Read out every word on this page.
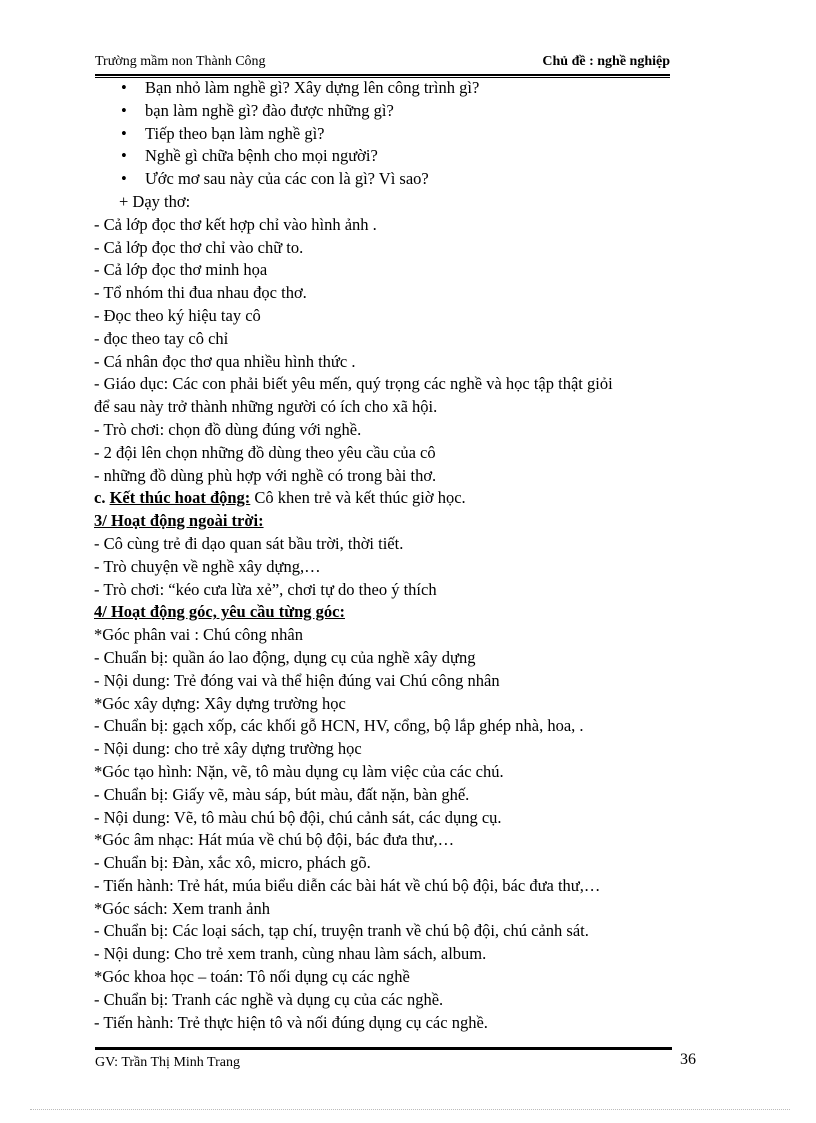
Trường mầm non Thành Công	Chủ đề : nghề nghiệp
• Bạn nhỏ làm nghề gì? Xây dựng lên công trình gì?
• bạn làm nghề gì? đào được những gì?
• Tiếp theo bạn làm nghề gì?
• Nghề gì chữa bệnh cho mọi người?
• Ước mơ sau này của các con là gì? Vì sao?
+ Dạy thơ:
- Cả lớp đọc thơ kết hợp chỉ vào hình ảnh .
- Cả lớp đọc thơ chỉ vào chữ to.
- Cả lớp đọc thơ minh họa
- Tổ nhóm thi đua nhau đọc thơ.
- Đọc theo ký hiệu tay cô
- đọc theo tay cô chỉ
- Cá nhân đọc thơ qua nhiều hình thức .
- Giáo dục: Các con phải biết yêu mến, quý trọng các nghề và học tập thật giỏi
để sau này trở thành những người có ích cho xã hội.
- Trò chơi: chọn đồ dùng đúng với nghề.
- 2 đội lên chọn những đồ dùng theo yêu cầu của cô
- những đồ dùng phù hợp với nghề có trong bài thơ.
c. Kết thúc hoat động: Cô khen trẻ và kết thúc giờ học.
3/ Hoạt động ngoài trời:
- Cô cùng trẻ đi dạo quan sát bầu trời, thời tiết.
- Trò chuyện về nghề xây dựng,…
- Trò chơi: “kéo cưa lừa xẻ”, chơi tự do theo ý thích
4/ Hoạt động góc, yêu cầu từng góc:
*Góc phân vai : Chú công nhân
- Chuẩn bị: quần áo lao động, dụng cụ của nghề xây dựng
- Nội dung: Trẻ đóng vai và thể hiện đúng vai Chú công nhân
*Góc xây dựng: Xây dựng trường học
- Chuẩn bị: gạch xốp, các khối gỗ HCN, HV, cổng, bộ lắp ghép nhà, hoa, .
- Nội dung: cho trẻ xây dựng trường học
*Góc tạo hình: Nặn, vẽ, tô màu dụng cụ làm việc của các chú.
- Chuẩn bị: Giấy vẽ, màu sáp, bút màu, đất nặn, bàn ghế.
- Nội dung: Vẽ, tô màu chú bộ đội, chú cảnh sát, các dụng cụ.
*Góc âm nhạc: Hát múa về chú bộ đội, bác đưa thư,…
- Chuẩn bị: Đàn, xắc xô, micro, phách gõ.
- Tiến hành: Trẻ hát, múa biểu diễn các bài hát về chú bộ đội, bác đưa thư,…
*Góc sách: Xem tranh ảnh
- Chuẩn bị: Các loại sách, tạp chí, truyện tranh về chú bộ đội, chú cảnh sát.
- Nội dung: Cho trẻ xem tranh, cùng nhau làm sách, album.
*Góc khoa học – toán: Tô nối dụng cụ các nghề
- Chuẩn bị: Tranh các nghề và dụng cụ của các nghề.
- Tiến hành: Trẻ thực hiện tô và nối đúng dụng cụ các nghề.
GV: Trần Thị Minh Trang	36
